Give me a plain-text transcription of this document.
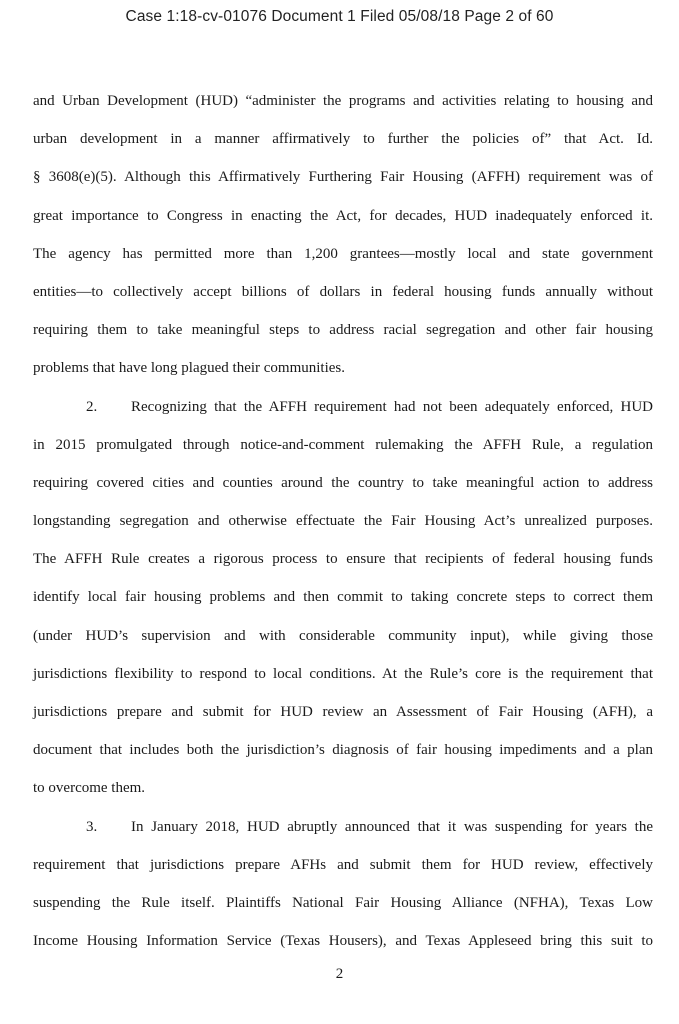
Case 1:18-cv-01076 Document 1 Filed 05/08/18 Page 2 of 60
and Urban Development (HUD) “administer the programs and activities relating to housing and
urban development in a manner affirmatively to further the policies of” that Act. Id.
§ 3608(e)(5). Although this Affirmatively Furthering Fair Housing (AFFH) requirement was of
great importance to Congress in enacting the Act, for decades, HUD inadequately enforced it.
The agency has permitted more than 1,200 grantees—mostly local and state government
entities—to collectively accept billions of dollars in federal housing funds annually without
requiring them to take meaningful steps to address racial segregation and other fair housing
problems that have long plagued their communities.
2. Recognizing that the AFFH requirement had not been adequately enforced, HUD
in 2015 promulgated through notice-and-comment rulemaking the AFFH Rule, a regulation
requiring covered cities and counties around the country to take meaningful action to address
longstanding segregation and otherwise effectuate the Fair Housing Act’s unrealized purposes.
The AFFH Rule creates a rigorous process to ensure that recipients of federal housing funds
identify local fair housing problems and then commit to taking concrete steps to correct them
(under HUD’s supervision and with considerable community input), while giving those
jurisdictions flexibility to respond to local conditions. At the Rule’s core is the requirement that
jurisdictions prepare and submit for HUD review an Assessment of Fair Housing (AFH), a
document that includes both the jurisdiction’s diagnosis of fair housing impediments and a plan
to overcome them.
3. In January 2018, HUD abruptly announced that it was suspending for years the
requirement that jurisdictions prepare AFHs and submit them for HUD review, effectively
suspending the Rule itself. Plaintiffs National Fair Housing Alliance (NFHA), Texas Low
Income Housing Information Service (Texas Housers), and Texas Appleseed bring this suit to
2
